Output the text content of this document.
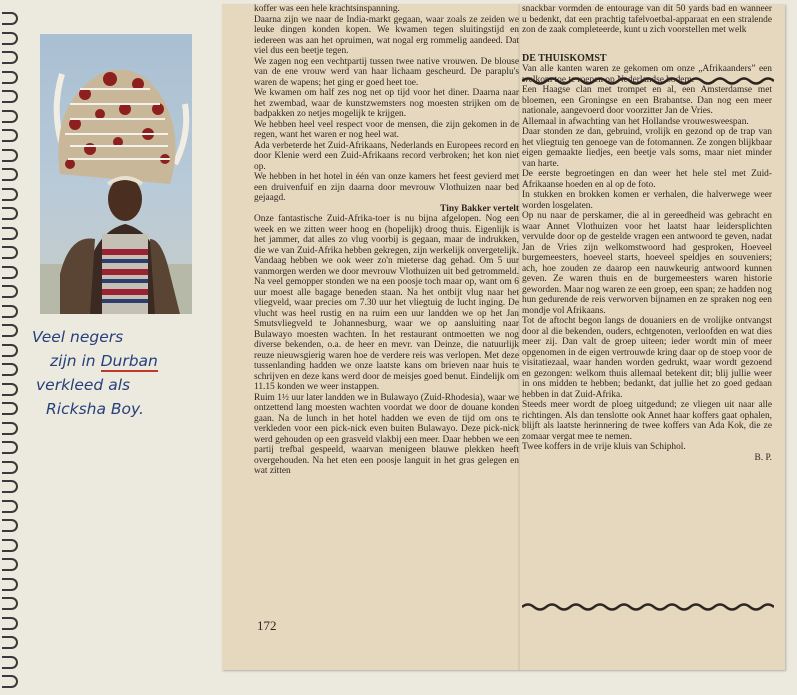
Veel negers
zijn in Durban
verkleed als
Ricksha Boy.

koffer was een hele krachtsinspanning.

Daarna zijn we naar de India-markt gegaan, waar zoals ze zeiden we leuke dingen konden kopen. We kwamen tegen sluitingstijd en iedereen was aan het opruimen, wat nogal erg rommelig aandeed. Dat viel dus een beetje tegen.

We zagen nog een vechtpartij tussen twee native vrouwen. De blouse van de ene vrouw werd van haar lichaam gescheurd. De paraplu's waren de wapens; het ging er goed heet toe.

We kwamen om half zes nog net op tijd voor het diner. Daarna naar het zwembad, waar de kunstzwemsters nog moesten strijken om de badpakken zo netjes mogelijk te krijgen.

We hebben heel veel respect voor de mensen, die zijn gekomen in de regen, want het waren er nog heel wat.

Ada verbeterde het Zuid-Afrikaans, Nederlands en Europees record en door Klenie werd een Zuid-Afrikaans record verbroken; het kon niet op.

We hebben in het hotel in één van onze kamers het feest gevierd met een druivenfuif en zijn daarna door mevrouw Vlothuizen naar bed gejaagd.

Tiny Bakker vertelt

Onze fantastische Zuid-Afrika-toer is nu bijna afgelopen. Nog een week en we zitten weer hoog en (hopelijk) droog thuis. Eigenlijk is het jammer, dat alles zo vlug voorbij is gegaan, maar de indrukken, die we van Zuid-Afrika hebben gekregen, zijn werkelijk onvergetelijk.

Vandaag hebben we ook weer zo'n mieterse dag gehad. Om 5 uur vanmorgen werden we door mevrouw Vlothuizen uit bed getrommeld. Na veel gemopper stonden we na een poosje toch maar op, want om 6 uur moest alle bagage beneden staan. Na het ontbijt vlug naar het vliegveld, waar precies om 7.30 uur het vliegtuig de lucht inging. De vlucht was heel rustig en na ruim een uur landden we op het Jan Smutsvliegveld te Johannesburg, waar we op aansluiting naar Bulawayo moesten wachten. In het restaurant ontmoetten we nog diverse bekenden, o.a. de heer en mevr. van Deinze, die natuurlijk reuze nieuwsgierig waren hoe de verdere reis was verlopen. Met deze tussenlanding hadden we onze laatste kans om brieven naar huis te schrijven en deze kans werd door de meisjes goed benut. Eindelijk om 11.15 konden we weer instappen.

Ruim 1½ uur later landden we in Bulawayo (Zuid-Rhodesia), waar we ontzettend lang moesten wachten voordat we door de douane konden gaan. Na de lunch in het hotel hadden we even de tijd om ons te verkleden voor een pick-nick even buiten Bulawayo. Deze pick-nick werd gehouden op een grasveld vlakbij een meer. Daar hebben we een partij trefbal gespeeld, waarvan menigeen blauwe plekken heeft overgehouden. Na het eten een poosje languit in het gras gelegen en wat zitten

snackbar vormden de entourage van dit 50 yards bad en wanneer u bedenkt, dat een prachtig tafelvoetbal-apparaat en een stralende zon de zaak completeerde, kunt u zich voorstellen met welk

DE THUISKOMST

Van alle kanten waren ze gekomen om onze „Afrikaanders” een welkom toe te roepen op Nederlandse bodem.

Een Haagse clan met trompet en al, een Amsterdamse met bloemen, een Groningse en een Brabantse. Dan nog een meer nationale, aangevoerd door voorzitter Jan de Vries.

Allemaal in afwachting van het Hollandse vrouwesweespan.

Daar stonden ze dan, gebruind, vrolijk en gezond op de trap van het vliegtuig ten genoege van de fotomannen. Ze zongen blijkbaar eigen gemaakte liedjes, een beetje vals soms, maar niet minder van harte.

De eerste begroetingen en dan weer het hele stel met Zuid-Afrikaanse hoeden en al op de foto.

In stukken en brokken komen er verhalen, die halverwege weer worden losgelaten.

Op nu naar de perskamer, die al in gereedheid was gebracht en waar Annet Vlothuizen voor het laatst haar leidersplichten vervulde door op de gestelde vragen een antwoord te geven, nadat Jan de Vries zijn welkomstwoord had gesproken, Hoeveel burgemeesters, hoeveel starts, hoeveel speldjes en souveniers; ach, hoe zouden ze daarop een nauwkeurig antwoord kunnen geven. Ze waren thuis en de burgemeesters waren historie geworden. Maar nog waren ze een groep, een span; ze hadden nog hun gedurende de reis verworven bijnamen en ze spraken nog een mondje vol Afrikaans.

Tot de aftocht begon langs de douaniers en de vrolijke ontvangst door al die bekenden, ouders, echtgenoten, verloofden en wat dies meer zij. Dan valt de groep uiteen; ieder wordt min of meer opgenomen in de eigen vertrouwde kring daar op de stoep voor de visitatiezaal, waar handen worden gedrukt, waar wordt gezoend en gezongen: welkom thuis allemaal betekent dit; blij jullie weer in ons midden te hebben; bedankt, dat jullie het zo goed gedaan hebben in dat Zuid-Afrika.

Steeds meer wordt de ploeg uitgedund; ze vliegen uit naar alle richtingen. Als dan tenslotte ook Annet haar koffers gaat ophalen, blijft als laatste herinnering de twee koffers van Ada Kok, die ze zomaar vergat mee te nemen.

Twee koffers in de vrije kluis van Schiphol.

B. P.

172
